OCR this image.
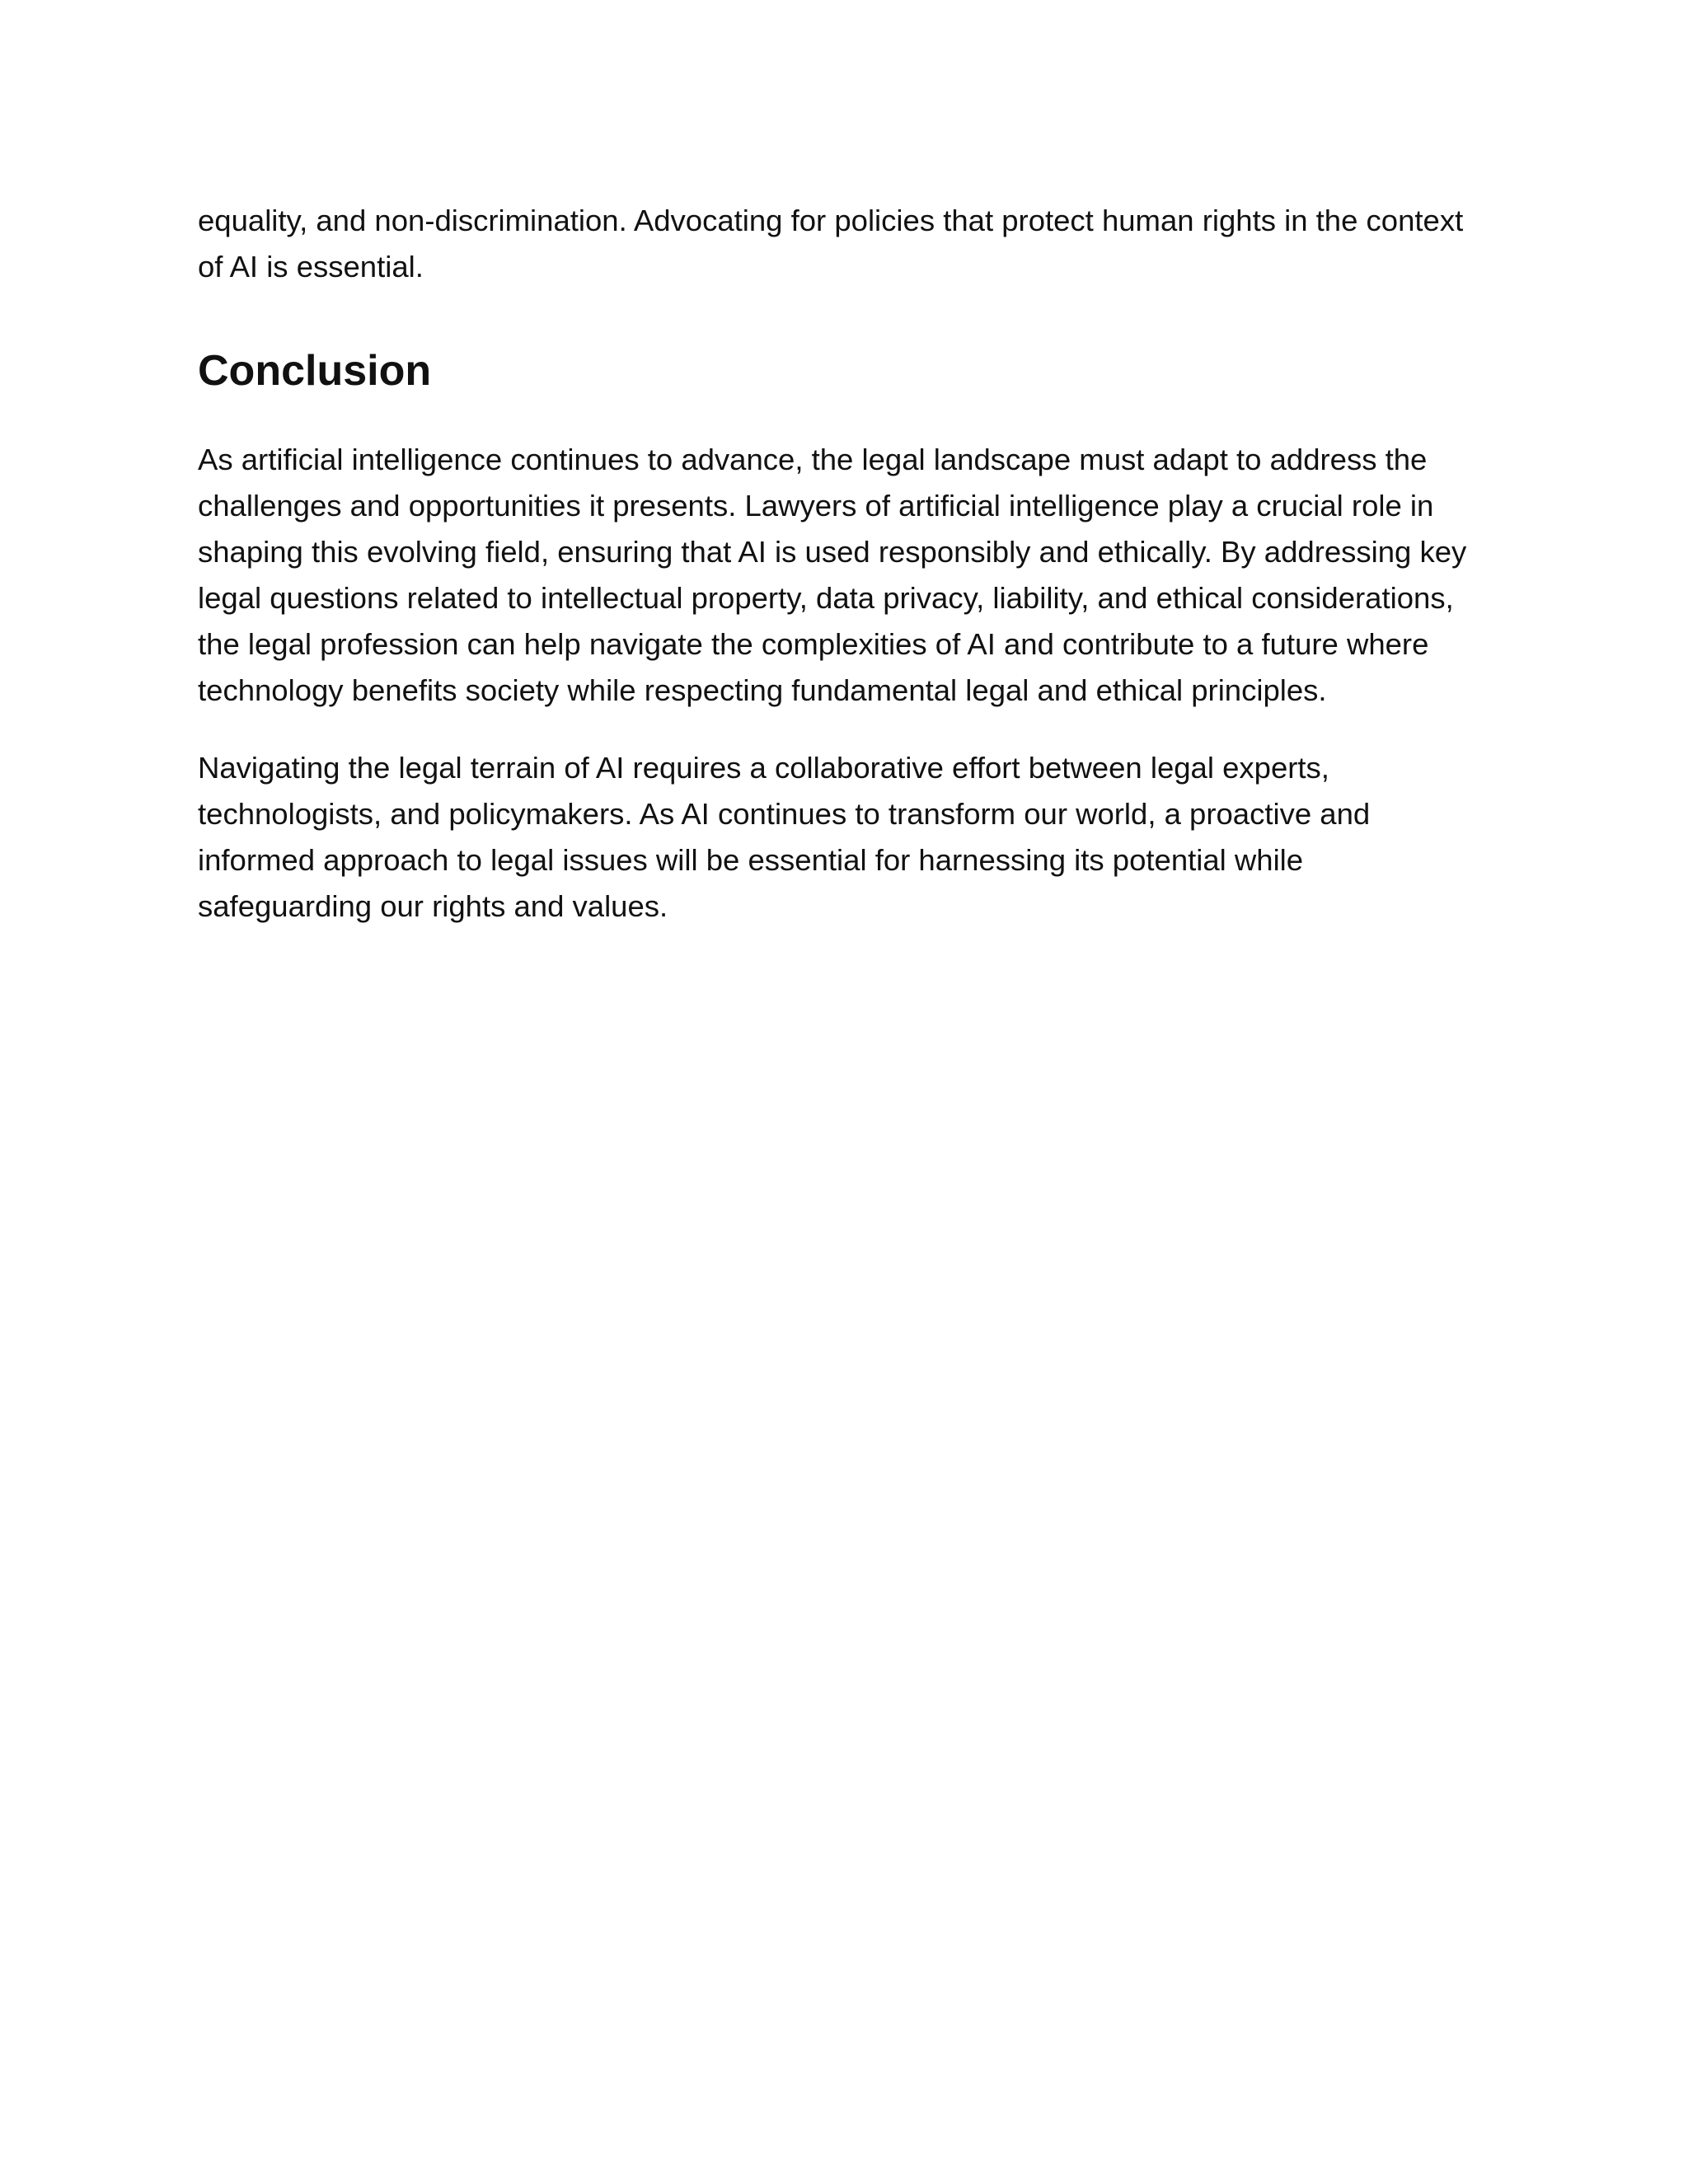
equality, and non-discrimination. Advocating for policies that protect human rights in the context of AI is essential.

Conclusion

As artificial intelligence continues to advance, the legal landscape must adapt to address the challenges and opportunities it presents. Lawyers of artificial intelligence play a crucial role in shaping this evolving field, ensuring that AI is used responsibly and ethically. By addressing key legal questions related to intellectual property, data privacy, liability, and ethical considerations, the legal profession can help navigate the complexities of AI and contribute to a future where technology benefits society while respecting fundamental legal and ethical principles.

Navigating the legal terrain of AI requires a collaborative effort between legal experts, technologists, and policymakers. As AI continues to transform our world, a proactive and informed approach to legal issues will be essential for harnessing its potential while safeguarding our rights and values.
